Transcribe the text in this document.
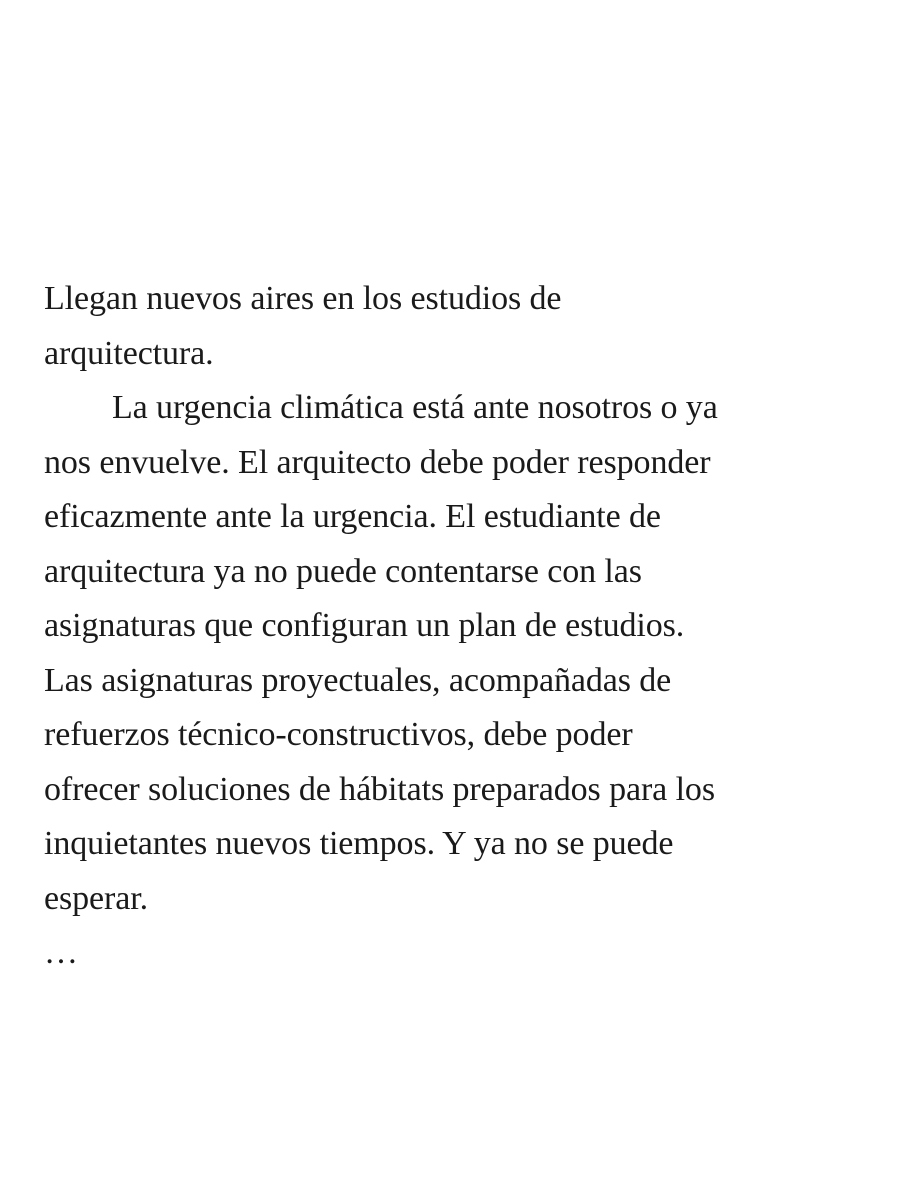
Llegan nuevos aires en los estudios de
arquitectura.
La urgencia climática está ante nosotros o ya
nos envuelve. El arquitecto debe poder responder
eficazmente ante la urgencia. El estudiante de
arquitectura ya no puede contentarse con las
asignaturas que configuran un plan de estudios.
Las asignaturas proyectuales, acompañadas de
refuerzos técnico-constructivos, debe poder
ofrecer soluciones de hábitats preparados para los
inquietantes nuevos tiempos. Y ya no se puede
esperar.
…
